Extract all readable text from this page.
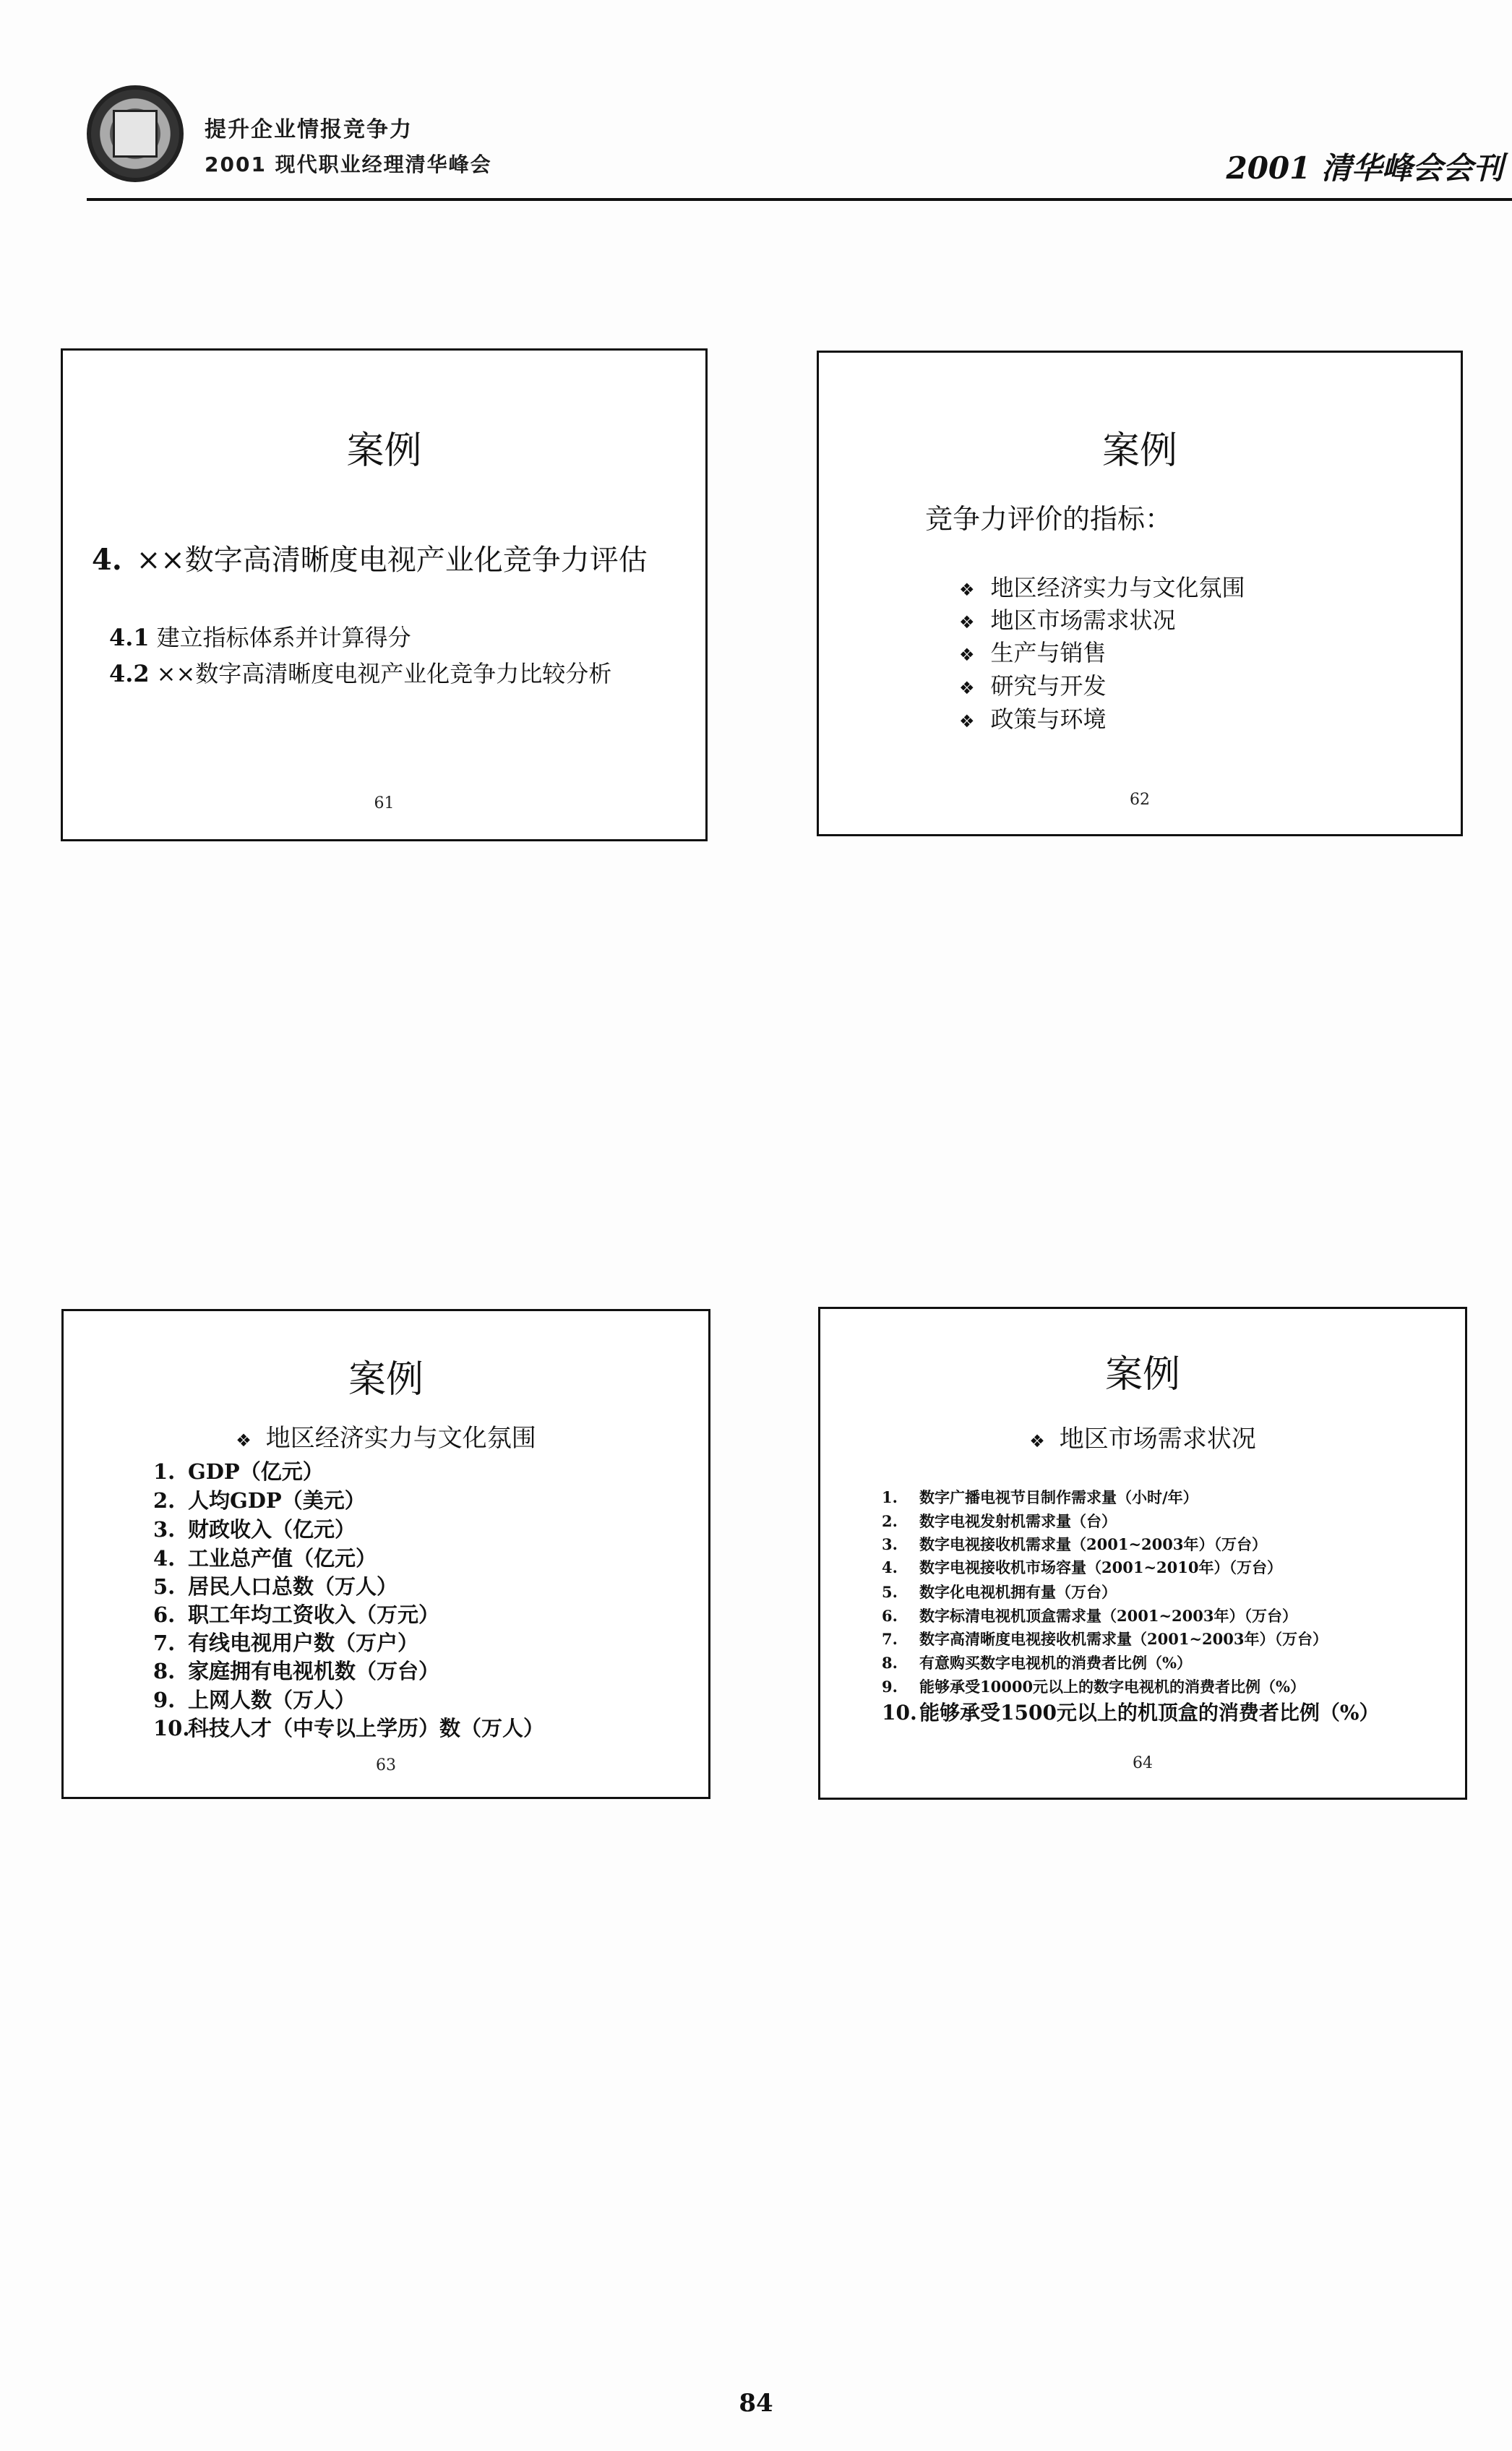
提升企业情报竞争力
2001 现代职业经理清华峰会	2001 清华峰会会刊
案例
4. ××数字高清晰度电视产业化竞争力评估
4.1 建立指标体系并计算得分
4.2 ××数字高清晰度电视产业化竞争力比较分析
61
案例
竞争力评价的指标：
❖ 地区经济实力与文化氛围
❖ 地区市场需求状况
❖ 生产与销售
❖ 研究与开发
❖ 政策与环境
62
案例
❖ 地区经济实力与文化氛围
1. GDP（亿元）
2. 人均GDP（美元）
3. 财政收入（亿元）
4. 工业总产值（亿元）
5. 居民人口总数（万人）
6. 职工年均工资收入（万元）
7. 有线电视用户数（万户）
8. 家庭拥有电视机数（万台）
9. 上网人数（万人）
10.科技人才（中专以上学历）数（万人）
63
案例
❖ 地区市场需求状况
1. 数字广播电视节目制作需求量（小时/年）
2. 数字电视发射机需求量（台）
3. 数字电视接收机需求量（2001~2003年）（万台）
4. 数字电视接收机市场容量（2001~2010年）（万台）
5. 数字化电视机拥有量（万台）
6. 数字标清电视机顶盒需求量（2001~2003年）（万台）
7. 数字高清晰度电视接收机需求量（2001~2003年）（万台）
8. 有意购买数字电视机的消费者比例（%）
9. 能够承受10000元以上的数字电视机的消费者比例（%）
10. 能够承受1500元以上的机顶盒的消费者比例（%）
64
84
